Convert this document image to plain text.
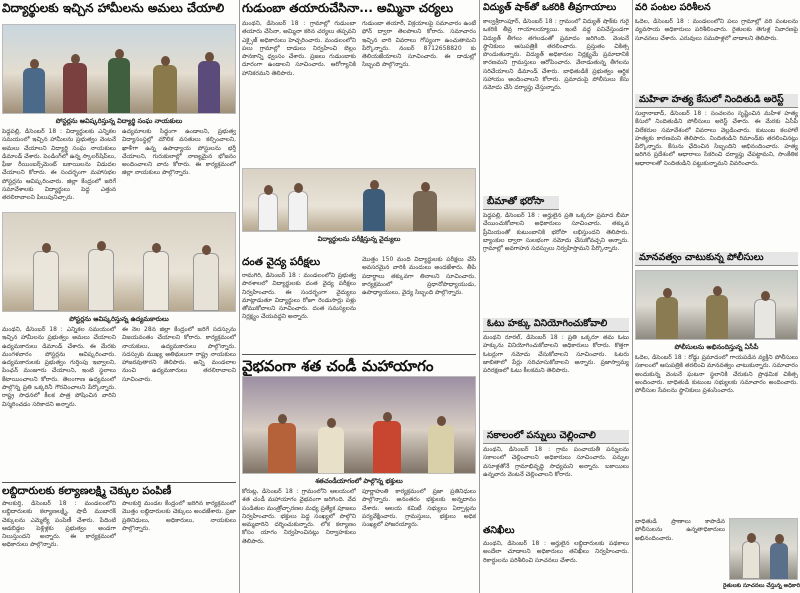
విద్యార్థులకు ఇచ్చిన హామీలను అమలు చేయాలి
పోస్టర్లను ఆవిష్కరిస్తున్న విద్యార్థి సంఘ నాయకులు
పెద్దపల్లి, డిసెంబర్ 18 : విద్యార్థులకు ఎన్నికల సమయంలో ఇచ్చిన హామీలను ప్రభుత్వం వెంటనే అమలు చేయాలని విద్యార్థి సంఘ నాయకులు డిమాండ్ చేశారు. పెండింగ్‌లో ఉన్న స్కాలర్‌షిప్‌లు, ఫీజు రీయింబర్స్‌మెంట్ బకాయిలను విడుదల చేయాలని కోరారు. ఈ సందర్భంగా మహాసభల పోస్టర్లను ఆవిష్కరించారు. జిల్లా కేంద్రంలో జరిగే సమావేశాలకు విద్యార్థులు పెద్ద ఎత్తున తరలిరావాలని పిలుపునిచ్చారు.
ఉద్యమాలకు సిద్ధంగా ఉండాలని, ప్రభుత్వ విద్యాసంస్థల్లో మౌలిక వసతులు కల్పించాలని, ఖాళీగా ఉన్న ఉపాధ్యాయ పోస్టులను భర్తీ చేయాలని, గురుకులాల్లో నాణ్యమైన భోజనం అందించాలని వారు కోరారు. ఈ కార్యక్రమంలో జిల్లా నాయకులు పాల్గొన్నారు.
పోస్టర్లను ఆవిష్కరిస్తున్న ఉద్యమకారులు
మంథని, డిసెంబర్ 18 : ఎన్నికల సమయంలో ఇచ్చిన హామీలను ప్రభుత్వం అమలు చేయాలని ఉద్యమకారులు డిమాండ్ చేశారు. ఈ మేరకు మంగళవారం పోస్టర్లను ఆవిష్కరించారు. ఉద్యమకారులకు ప్రభుత్వం గుర్తింపు ఇవ్వాలని, పింఛన్ మంజూరు చేయాలని, ఇంటి స్థలాలు కేటాయించాలని కోరారు. తెలంగాణ ఉద్యమంలో పాల్గొన్న ప్రతి ఒక్కరినీ గౌరవించాలని పేర్కొన్నారు. రాష్ట్ర సాధనలో కీలక పాత్ర పోషించిన వారిని విస్మరించడం సరికాదని అన్నారు.
ఈ నెల 28న జిల్లా కేంద్రంలో జరిగే సదస్సును విజయవంతం చేయాలని కోరారు. కార్యక్రమంలో నాయకులు, ఉద్యమకారులు పాల్గొన్నారు. సదస్సుకు ముఖ్య అతిథులుగా రాష్ట్ర నాయకులు హాజరవుతారని తెలిపారు. అన్ని మండలాల నుంచి ఉద్యమకారులు తరలిరావాలని సూచించారు.
లబ్దిదారులకు కల్యాణలక్ష్మి చెక్కుల పంపిణీ
పాలకుర్తి, డిసెంబర్ 18 : మండలంలోని లబ్దిదారులకు కల్యాణలక్ష్మి, షాదీ ముబారక్ చెక్కులను ఎమ్మెల్యే పంపిణీ చేశారు. పేదింటి ఆడబిడ్డల పెళ్లిళ్లకు ప్రభుత్వం అండగా నిలుస్తుందని అన్నారు. ఈ కార్యక్రమంలో అధికారులు పాల్గొన్నారు.
పాలకుర్తి మండల కేంద్రంలో జరిగిన కార్యక్రమంలో మొత్తం లబ్దిదారులకు చెక్కులు అందజేశారు. ప్రజా ప్రతినిధులు, అధికారులు, నాయకులు పాల్గొన్నారు.
గుడుంబా తయారుచేసినా... అమ్మినా చర్యలు
మంథని, డిసెంబర్ 18 : గ్రామాల్లో గుడుంబా తయారు చేసినా, అమ్మినా కఠిన చర్యలు తప్పవని ఎక్సైజ్ అధికారులు హెచ్చరించారు. మండలంలోని పలు గ్రామాల్లో దాడులు నిర్వహించి బెల్లం పానకాన్ని ధ్వంసం చేశారు. ప్రజలు గుడుంబాకు దూరంగా ఉండాలని సూచించారు. ఆరోగ్యానికి హానికరమని తెలిపారు.
గుడుంబా తయారీ, విక్రయాలపై సమాచారం ఉంటే ఫోన్ ద్వారా తెలపాలని కోరారు. సమాచారం ఇచ్చిన వారి వివరాలు గోప్యంగా ఉంచుతామని పేర్కొన్నారు. నంబర్ 8712658820 కు తెలియజేయాలని సూచించారు. ఈ దాడుల్లో సిబ్బంది పాల్గొన్నారు.
విద్యార్థులను పరీక్షిస్తున్న వైద్యులు
దంత వైద్య పరీక్షలు
రామగిరి, డిసెంబర్ 18 : మండలంలోని ప్రభుత్వ పాఠశాలలో విద్యార్థులకు దంత వైద్య పరీక్షలు నిర్వహించారు. ఈ సందర్భంగా వైద్యులు మాట్లాడుతూ విద్యార్థులు రోజూ రెండుసార్లు పళ్లు తోముకోవాలని సూచించారు. దంత సమస్యలను నిర్లక్ష్యం చేయవద్దని అన్నారు.
మొత్తం 150 మంది విద్యార్థులకు పరీక్షలు చేసి అవసరమైన వారికి మందులు అందజేశారు. తీపి పదార్థాలు తక్కువగా తినాలని సూచించారు. కార్యక్రమంలో ప్రధానోపాధ్యాయుడు, ఉపాధ్యాయులు, వైద్య సిబ్బంది పాల్గొన్నారు.
వైభవంగా శత చండీ మహాయాగం
శతచండీయాగంలో పాల్గొన్న భక్తులు
కోరుట్ల, డిసెంబర్ 18 : గ్రామంలోని ఆలయంలో శత చండీ మహాయాగం వైభవంగా జరిగింది. వేద పండితుల మంత్రోచ్ఛారణల మధ్య ప్రత్యేక పూజలు నిర్వహించారు. భక్తులు పెద్ద సంఖ్యలో పాల్గొని అమ్మవారిని దర్శించుకున్నారు. లోక కల్యాణం కోసం యాగం నిర్వహించినట్లు నిర్వాహకులు తెలిపారు.
పూర్ణాహుతి కార్యక్రమంలో ప్రజా ప్రతినిధులు పాల్గొన్నారు. అనంతరం భక్తులకు అన్నదానం చేశారు. ఆలయ కమిటీ సభ్యులు ఏర్పాట్లను పర్యవేక్షించారు. గ్రామస్తులు, భక్తులు అధిక సంఖ్యలో హాజరయ్యారు.
విద్యుత్ షాక్‌తో ఒకరికి తీవ్రగాయాలు
కాల్వశ్రీరాంపూర్, డిసెంబర్ 18 : గ్రామంలో విద్యుత్ షాక్‌కు గురై ఒకరికి తీవ్ర గాయాలయ్యాయి. ఇంటి వద్ద పనిచేస్తుండగా విద్యుత్ తీగలు తగలడంతో ప్రమాదం జరిగింది. వెంటనే స్థానికులు ఆసుపత్రికి తరలించారు. ప్రస్తుతం చికిత్స పొందుతున్నారు. విద్యుత్ అధికారుల నిర్లక్ష్యమే ప్రమాదానికి కారణమని గ్రామస్తులు ఆరోపించారు. వేలాడుతున్న తీగలను సరిచేయాలని డిమాండ్ చేశారు. బాధితుడికి ప్రభుత్వం ఆర్థిక సహాయం అందించాలని కోరారు. ప్రమాదంపై పోలీసులు కేసు నమోదు చేసి దర్యాప్తు చేస్తున్నారు.
బీమాతో భరోసా
పెద్దపల్లి, డిసెంబర్ 18 : అర్హులైన ప్రతి ఒక్కరూ ప్రమాద బీమా చేయించుకోవాలని అధికారులు సూచించారు. తక్కువ ప్రీమియంతో కుటుంబానికి భరోసా లభిస్తుందని తెలిపారు. బ్యాంకుల ద్వారా సులభంగా నమోదు చేసుకోవచ్చని అన్నారు. గ్రామాల్లో అవగాహన సదస్సులు నిర్వహిస్తామని పేర్కొన్నారు.
ఓటు హక్కు వినియోగించుకోవాలి
మంథని రూరల్, డిసెంబర్ 18 : ప్రతి ఒక్కరూ తమ ఓటు హక్కును వినియోగించుకోవాలని అధికారులు కోరారు. కొత్తగా ఓటర్లుగా నమోదు చేసుకోవాలని సూచించారు. ఓటరు జాబితాలో పేర్లు సరిచూసుకోవాలని అన్నారు. ప్రజాస్వామ్య పరిరక్షణలో ఓటు కీలకమని తెలిపారు.
సకాలంలో పన్నులు చెల్లించాలి
మంథని, డిసెంబర్ 18 : గ్రామ పంచాయతీ పన్నులను సకాలంలో చెల్లించాలని అధికారులు సూచించారు. పన్నుల వసూళ్లతోనే గ్రామాభివృద్ధి సాధ్యమని అన్నారు. బకాయిలు ఉన్నవారు వెంటనే చెల్లించాలని కోరారు.
తనిఖీలు
మంథని, డిసెంబర్ 18 : అర్హులైన లబ్దిదారులకు పథకాలు అందేలా చూడాలని అధికారులు తనిఖీలు నిర్వహించారు. రికార్డులను పరిశీలించి సూచనలు చేశారు.
వరి పంటల పరిశీలన
ఓదెల, డిసెంబర్ 18 : మండలంలోని పలు గ్రామాల్లో వరి పంటలను వ్యవసాయ అధికారులు పరిశీలించారు. రైతులకు తెగుళ్ల నివారణపై సూచనలు చేశారు. ఎరువులు సమపాళ్లలో వాడాలని తెలిపారు.
మహిళా హత్య కేసులో నిందితుడి అరెస్ట్
సుల్తానాబాద్, డిసెంబర్ 18 : సంచలనం సృష్టించిన మహిళ హత్య కేసులో నిందితుడిని పోలీసులు అరెస్ట్ చేశారు. ఈ మేరకు ఏసీపీ విలేకరుల సమావేశంలో వివరాలు వెల్లడించారు. కుటుంబ కలహాలే హత్యకు కారణమని తెలిపారు. నిందితుడిని రిమాండ్‌కు తరలించినట్లు పేర్కొన్నారు. కేసును ఛేదించిన సిబ్బందిని అభినందించారు. హత్య జరిగిన ప్రదేశంలో ఆధారాలు సేకరించి దర్యాప్తు చేపట్టామని, సాంకేతిక ఆధారాలతో నిందితుడిని పట్టుకున్నామని వివరించారు.
మానవత్వం చాటుకున్న పోలీసులు
పోలీసులను అభినందిస్తున్న ఏసీపీ
ఓదెల, డిసెంబర్ 18 : రోడ్డు ప్రమాదంలో గాయపడిన వ్యక్తిని పోలీసులు సకాలంలో ఆసుపత్రికి తరలించి మానవత్వం చాటుకున్నారు. సమాచారం అందుకున్న వెంటనే ఘటనా స్థలానికి చేరుకుని ప్రాథమిక చికిత్స అందించారు. బాధితుడి కుటుంబ సభ్యులకు సమాచారం అందించారు. పోలీసుల సేవలను స్థానికులు ప్రశంసించారు.
బాధితుడి ప్రాణాలు కాపాడిన పోలీసులను ఉన్నతాధికారులు అభినందించారు.
రైతులకు సూచనలు చేస్తున్న అధికారి
